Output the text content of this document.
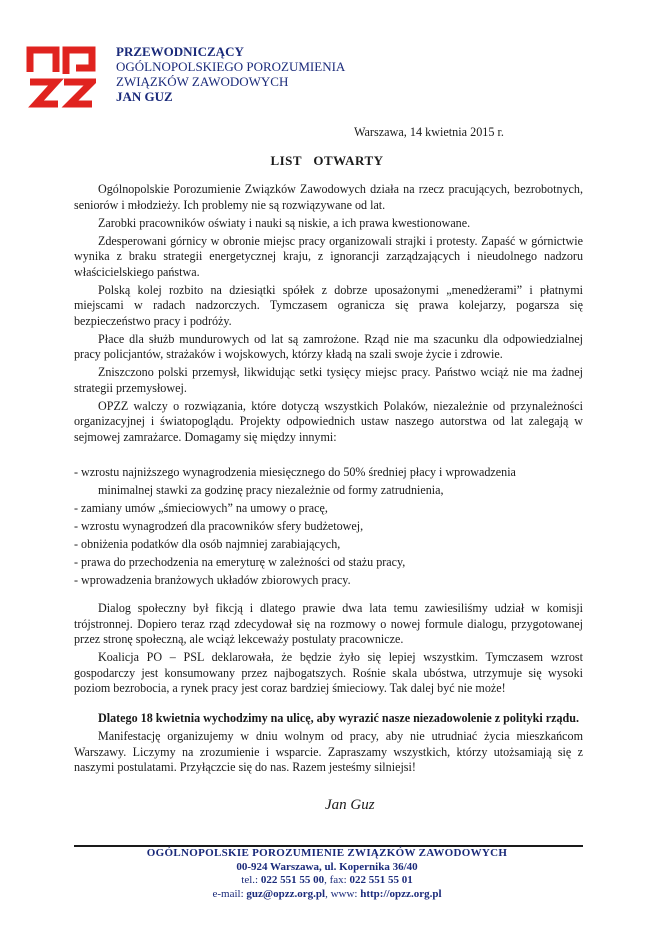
PRZEWODNICZĄCY
OGÓLNOPOLSKIEGO POROZUMIENIA
ZWIĄZKÓW ZAWODOWYCH
JAN GUZ
Warszawa, 14 kwietnia 2015 r.
LIST OTWARTY

Ogólnopolskie Porozumienie Związków Zawodowych działa na rzecz pracujących, bezrobotnych, seniorów i młodzieży. Ich problemy nie są rozwiązywane od lat.

Zarobki pracowników oświaty i nauki są niskie, a ich prawa kwestionowane.

Zdesperowani górnicy w obronie miejsc pracy organizowali strajki i protesty. Zapaść w górnictwie wynika z braku strategii energetycznej kraju, z ignorancji zarządzających i nieudolnego nadzoru właścicielskiego państwa.

Polską kolej rozbito na dziesiątki spółek z dobrze uposażonymi „menedżerami” i płatnymi miejscami w radach nadzorczych. Tymczasem ogranicza się prawa kolejarzy, pogarsza się bezpieczeństwo pracy i podróży.

Płace dla służb mundurowych od lat są zamrożone. Rząd nie ma szacunku dla odpowiedzialnej pracy policjantów, strażaków i wojskowych, którzy kładą na szali swoje życie i zdrowie.

Zniszczono polski przemysł, likwidując setki tysięcy miejsc pracy. Państwo wciąż nie ma żadnej strategii przemysłowej.

OPZZ walczy o rozwiązania, które dotyczą wszystkich Polaków, niezależnie od przynależności organizacyjnej i światopoglądu. Projekty odpowiednich ustaw naszego autorstwa od lat zalegają w sejmowej zamrażarce. Domagamy się między innymi:

- wzrostu najniższego wynagrodzenia miesięcznego do 50% średniej płacy i wprowadzenia
minimalnej stawki za godzinę pracy niezależnie od formy zatrudnienia,
- zamiany umów „śmieciowych” na umowy o pracę,
- wzrostu wynagrodzeń dla pracowników sfery budżetowej,
- obniżenia podatków dla osób najmniej zarabiających,
- prawa do przechodzenia na emeryturę w zależności od stażu pracy,
- wprowadzenia branżowych układów zbiorowych pracy.

Dialog społeczny był fikcją i dlatego prawie dwa lata temu zawiesiliśmy udział w komisji trójstronnej. Dopiero teraz rząd zdecydował się na rozmowy o nowej formule dialogu, przygotowanej przez stronę społeczną, ale wciąż lekceważy postulaty pracownicze.

Koalicja PO – PSL deklarowała, że będzie żyło się lepiej wszystkim. Tymczasem wzrost gospodarczy jest konsumowany przez najbogatszych. Rośnie skala ubóstwa, utrzymuje się wysoki poziom bezrobocia, a rynek pracy jest coraz bardziej śmieciowy. Tak dalej być nie może!

Dlatego 18 kwietnia wychodzimy na ulicę, aby wyrazić nasze niezadowolenie z polityki rządu.

Manifestację organizujemy w dniu wolnym od pracy, aby nie utrudniać życia mieszkańcom Warszawy. Liczymy na zrozumienie i wsparcie. Zapraszamy wszystkich, którzy utożsamiają się z naszymi postulatami. Przyłączcie się do nas. Razem jesteśmy silniejsi!

Jan Guz
OGÓLNOPOLSKIE POROZUMIENIE ZWIĄZKÓW ZAWODOWYCH
00-924 Warszawa, ul. Kopernika 36/40
tel.: 022 551 55 00, fax: 022 551 55 01
e-mail: guz@opzz.org.pl, www: http://opzz.org.pl
